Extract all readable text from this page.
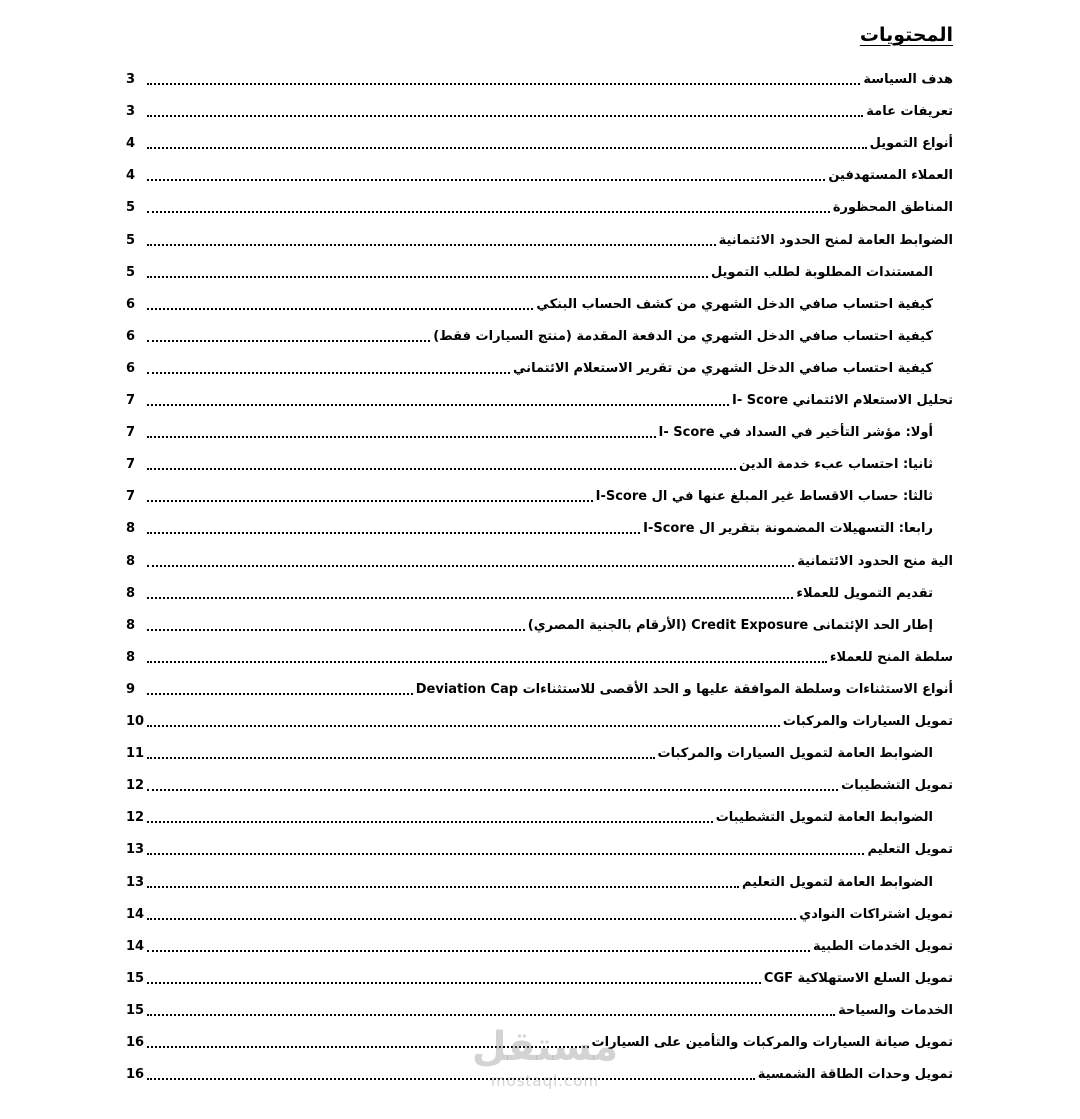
المحتويات
هدف السياسة
3
تعريفات عامة
3
أنواع التمويل
4
العملاء المستهدفين
4
المناطق المحظورة
5
الضوابط العامة لمنح الحدود الائتمانية
5
المستندات المطلوبة لطلب التمويل
5
كيفية احتساب صافي الدخل الشهري من كشف الحساب البنكي
6
كيفية احتساب صافي الدخل الشهري من الدفعة المقدمة (منتج السيارات فقط)
6
كيفية احتساب صافي الدخل الشهري من تقرير الاستعلام الائتماني
6
تحليل الاستعلام الائتماني I- Score
7
أولا: مؤشر التأخير في السداد في I- Score
7
ثانيا: احتساب عبء خدمة الدين
7
ثالثا: حساب الاقساط غير المبلغ عنها في ال I-Score
7
رابعا: التسهيلات المضمونة بتقرير ال I-Score
8
الية منح الحدود الائتمانية
8
تقديم التمويل للعملاء
8
إطار الحد الإئتمانى Credit Exposure (الأرقام بالجنية المصري)
8
سلطة المنح للعملاء
8
أنواع الاستثناءات وسلطة الموافقة عليها و الحد الأقصى للاستثناءات Deviation Cap
9
تمويل السيارات والمركبات
10
الضوابط العامة لتمويل السيارات والمركبات
11
تمويل التشطيبات
12
الضوابط العامة لتمويل التشطيبات
12
تمويل التعليم
13
الضوابط العامة لتمويل التعليم
13
تمويل اشتراكات النوادي
14
تمويل الخدمات الطبية
14
تمويل السلع الاستهلاكية CGF
15
الخدمات والسياحة
15
تمويل صيانة السيارات والمركبات والتأمين على السيارات
16
تمويل وحدات الطاقة الشمسية
16
مستقل
mostaql.com
